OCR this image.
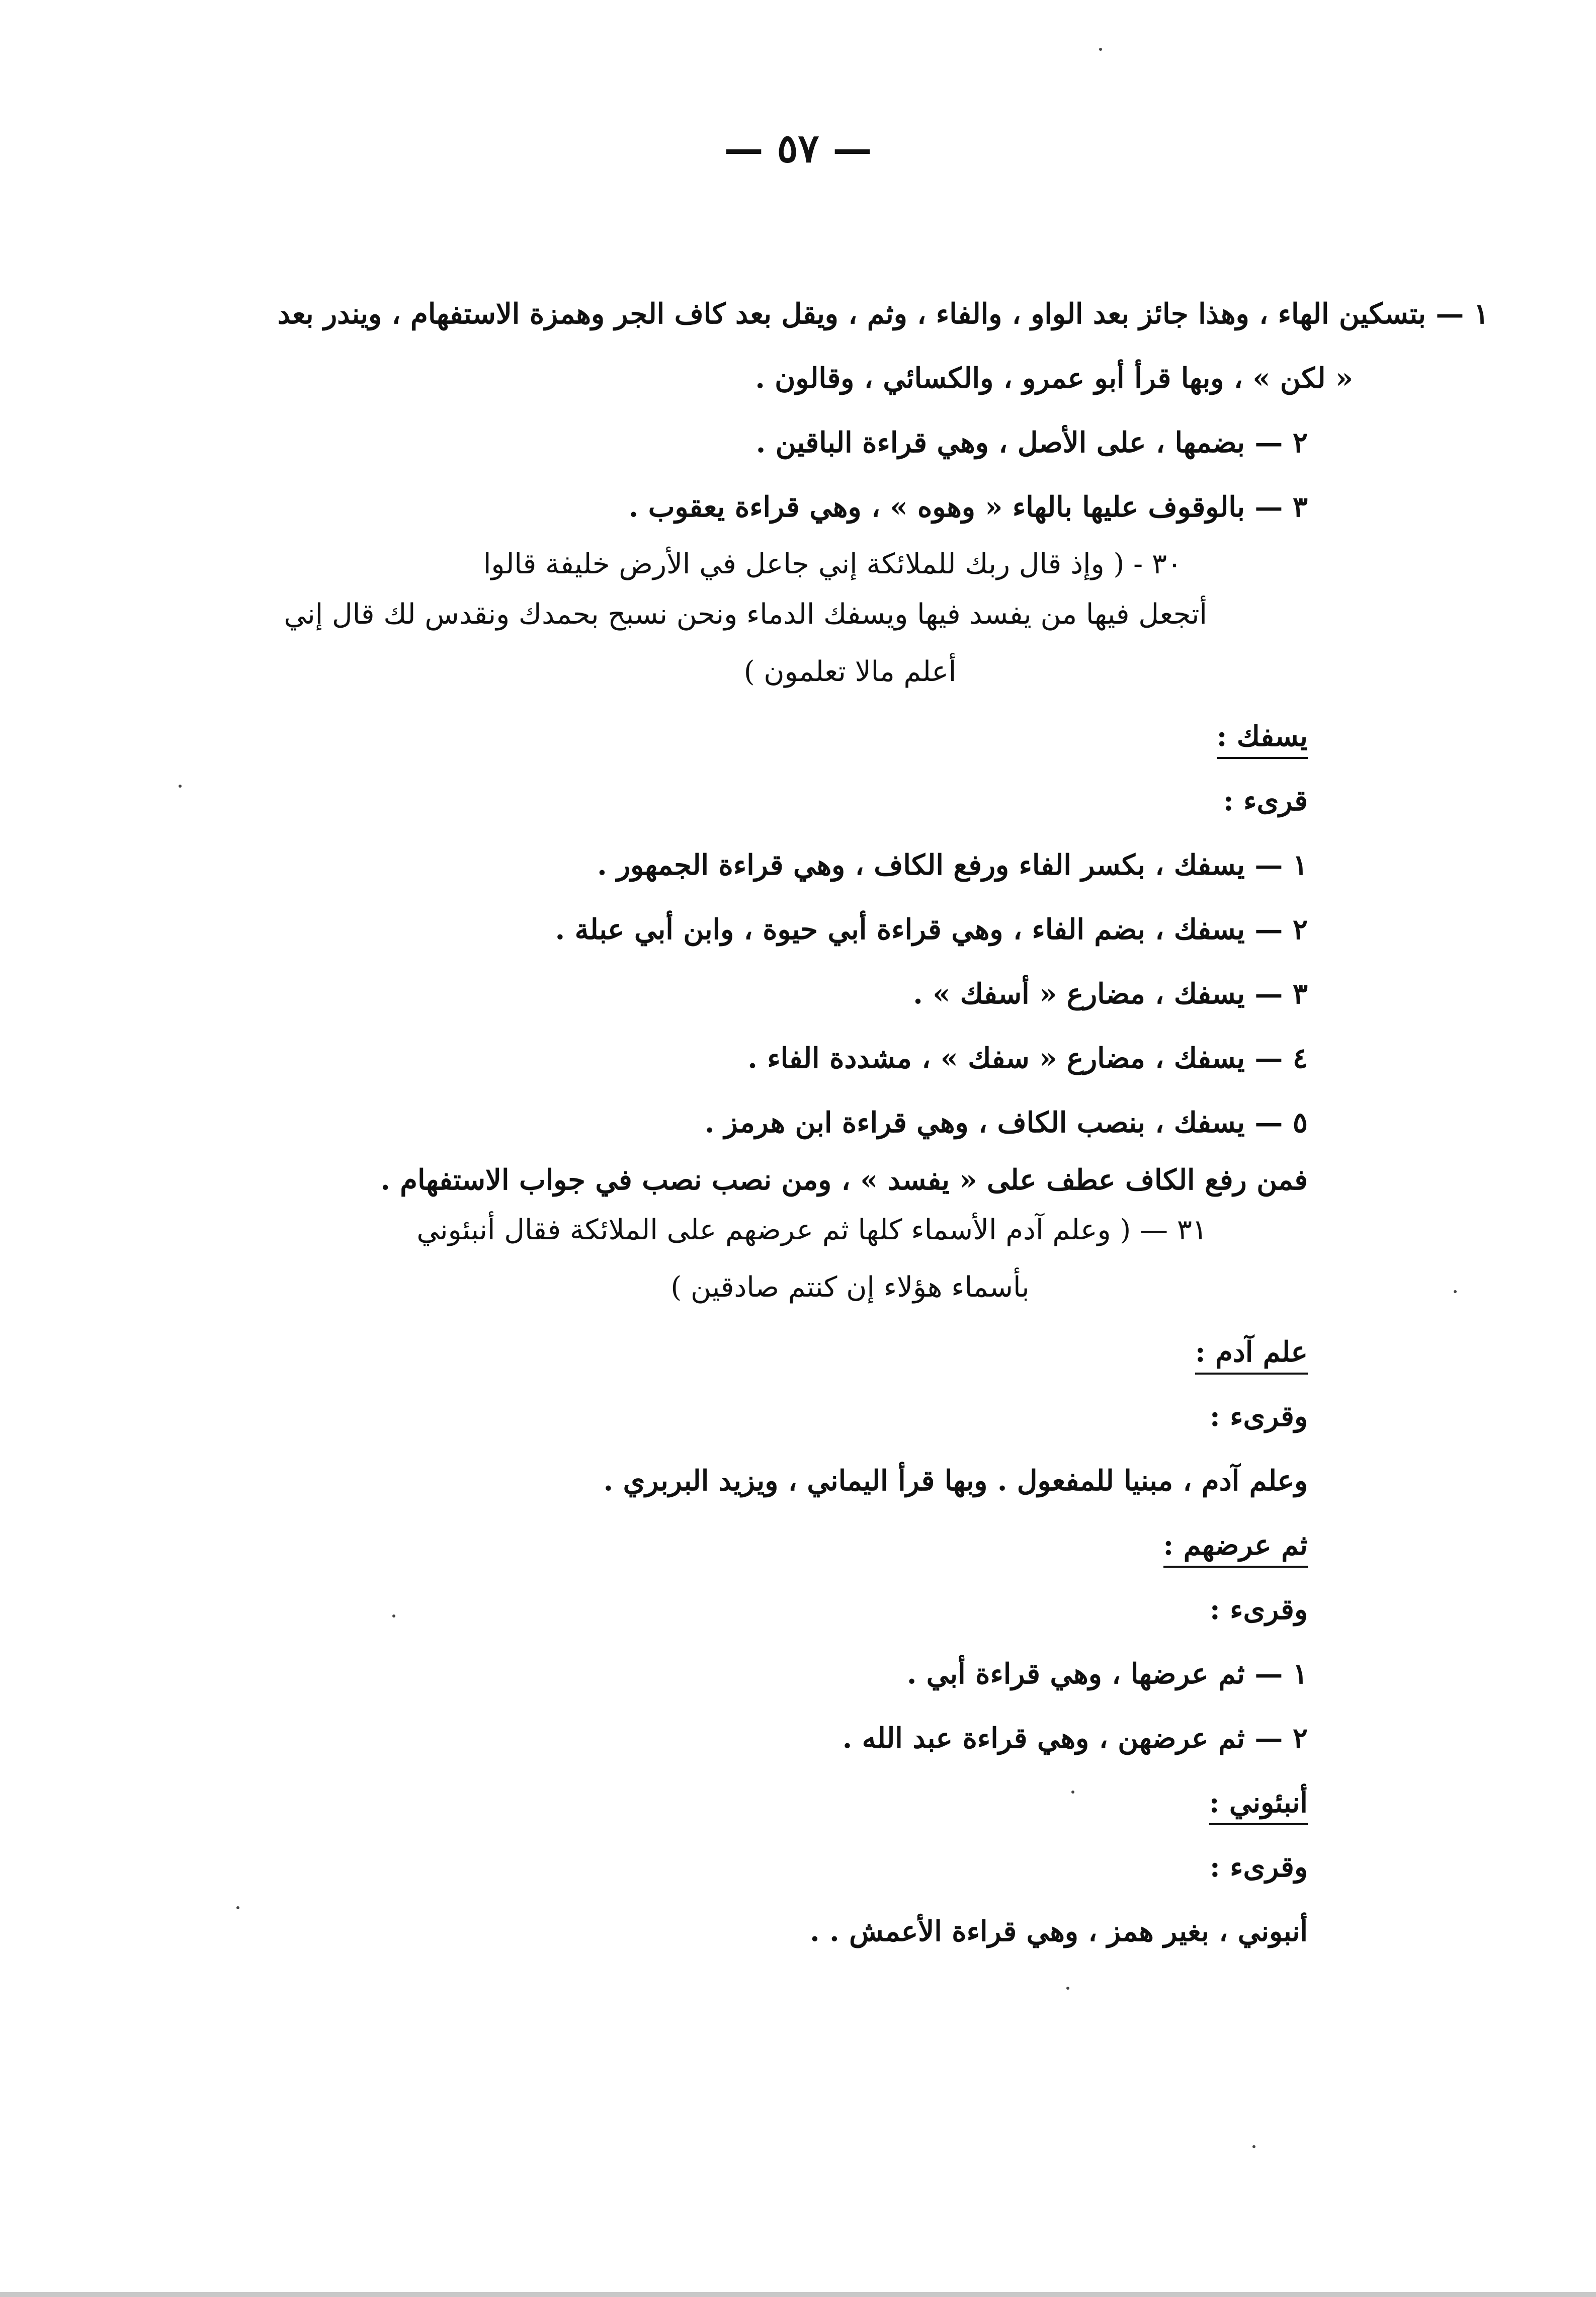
— ٥٧ —
١ — بتسكين الهاء ، وهذا جائز بعد الواو ، والفاء ، وثم ، ويقل بعد كاف الجر وهمزة الاستفهام ، ويندر بعد
« لكن » ، وبها قرأ أبو عمرو ، والكسائي ، وقالون .
٢ — بضمها ، على الأصل ، وهي قراءة الباقين .
٣ — بالوقوف عليها بالهاء « وهوه » ، وهي قراءة يعقوب .
٣٠ - ( وإذ قال ربك للملائكة إني جاعل في الأرض خليفة قالوا
أتجعل فيها من يفسد فيها ويسفك الدماء ونحن نسبح بحمدك ونقدس لك قال إني
أعلم مالا تعلمون )
يسفك :
قرىء :
١ — يسفك ، بكسر الفاء ورفع الكاف ، وهي قراءة الجمهور .
٢ — يسفك ، بضم الفاء ، وهي قراءة أبي حيوة ، وابن أبي عبلة .
٣ — يسفك ، مضارع « أسفك » .
٤ — يسفك ، مضارع « سفك » ، مشددة الفاء .
٥ — يسفك ، بنصب الكاف ، وهي قراءة ابن هرمز .
فمن رفع الكاف عطف على « يفسد » ، ومن نصب نصب في جواب الاستفهام .
٣١ — ( وعلم آدم الأسماء كلها ثم عرضهم على الملائكة فقال أنبئوني
بأسماء هؤلاء إن كنتم صادقين )
علم آدم :
وقرىء :
وعلم آدم ، مبنيا للمفعول . وبها قرأ اليماني ، ويزيد البربري .
ثم عرضهم :
وقرىء :
١ — ثم عرضها ، وهي قراءة أبي .
٢ — ثم عرضهن ، وهي قراءة عبد الله .
أنبئوني :
وقرىء :
أنبوني ، بغير همز ، وهي قراءة الأعمش . .
